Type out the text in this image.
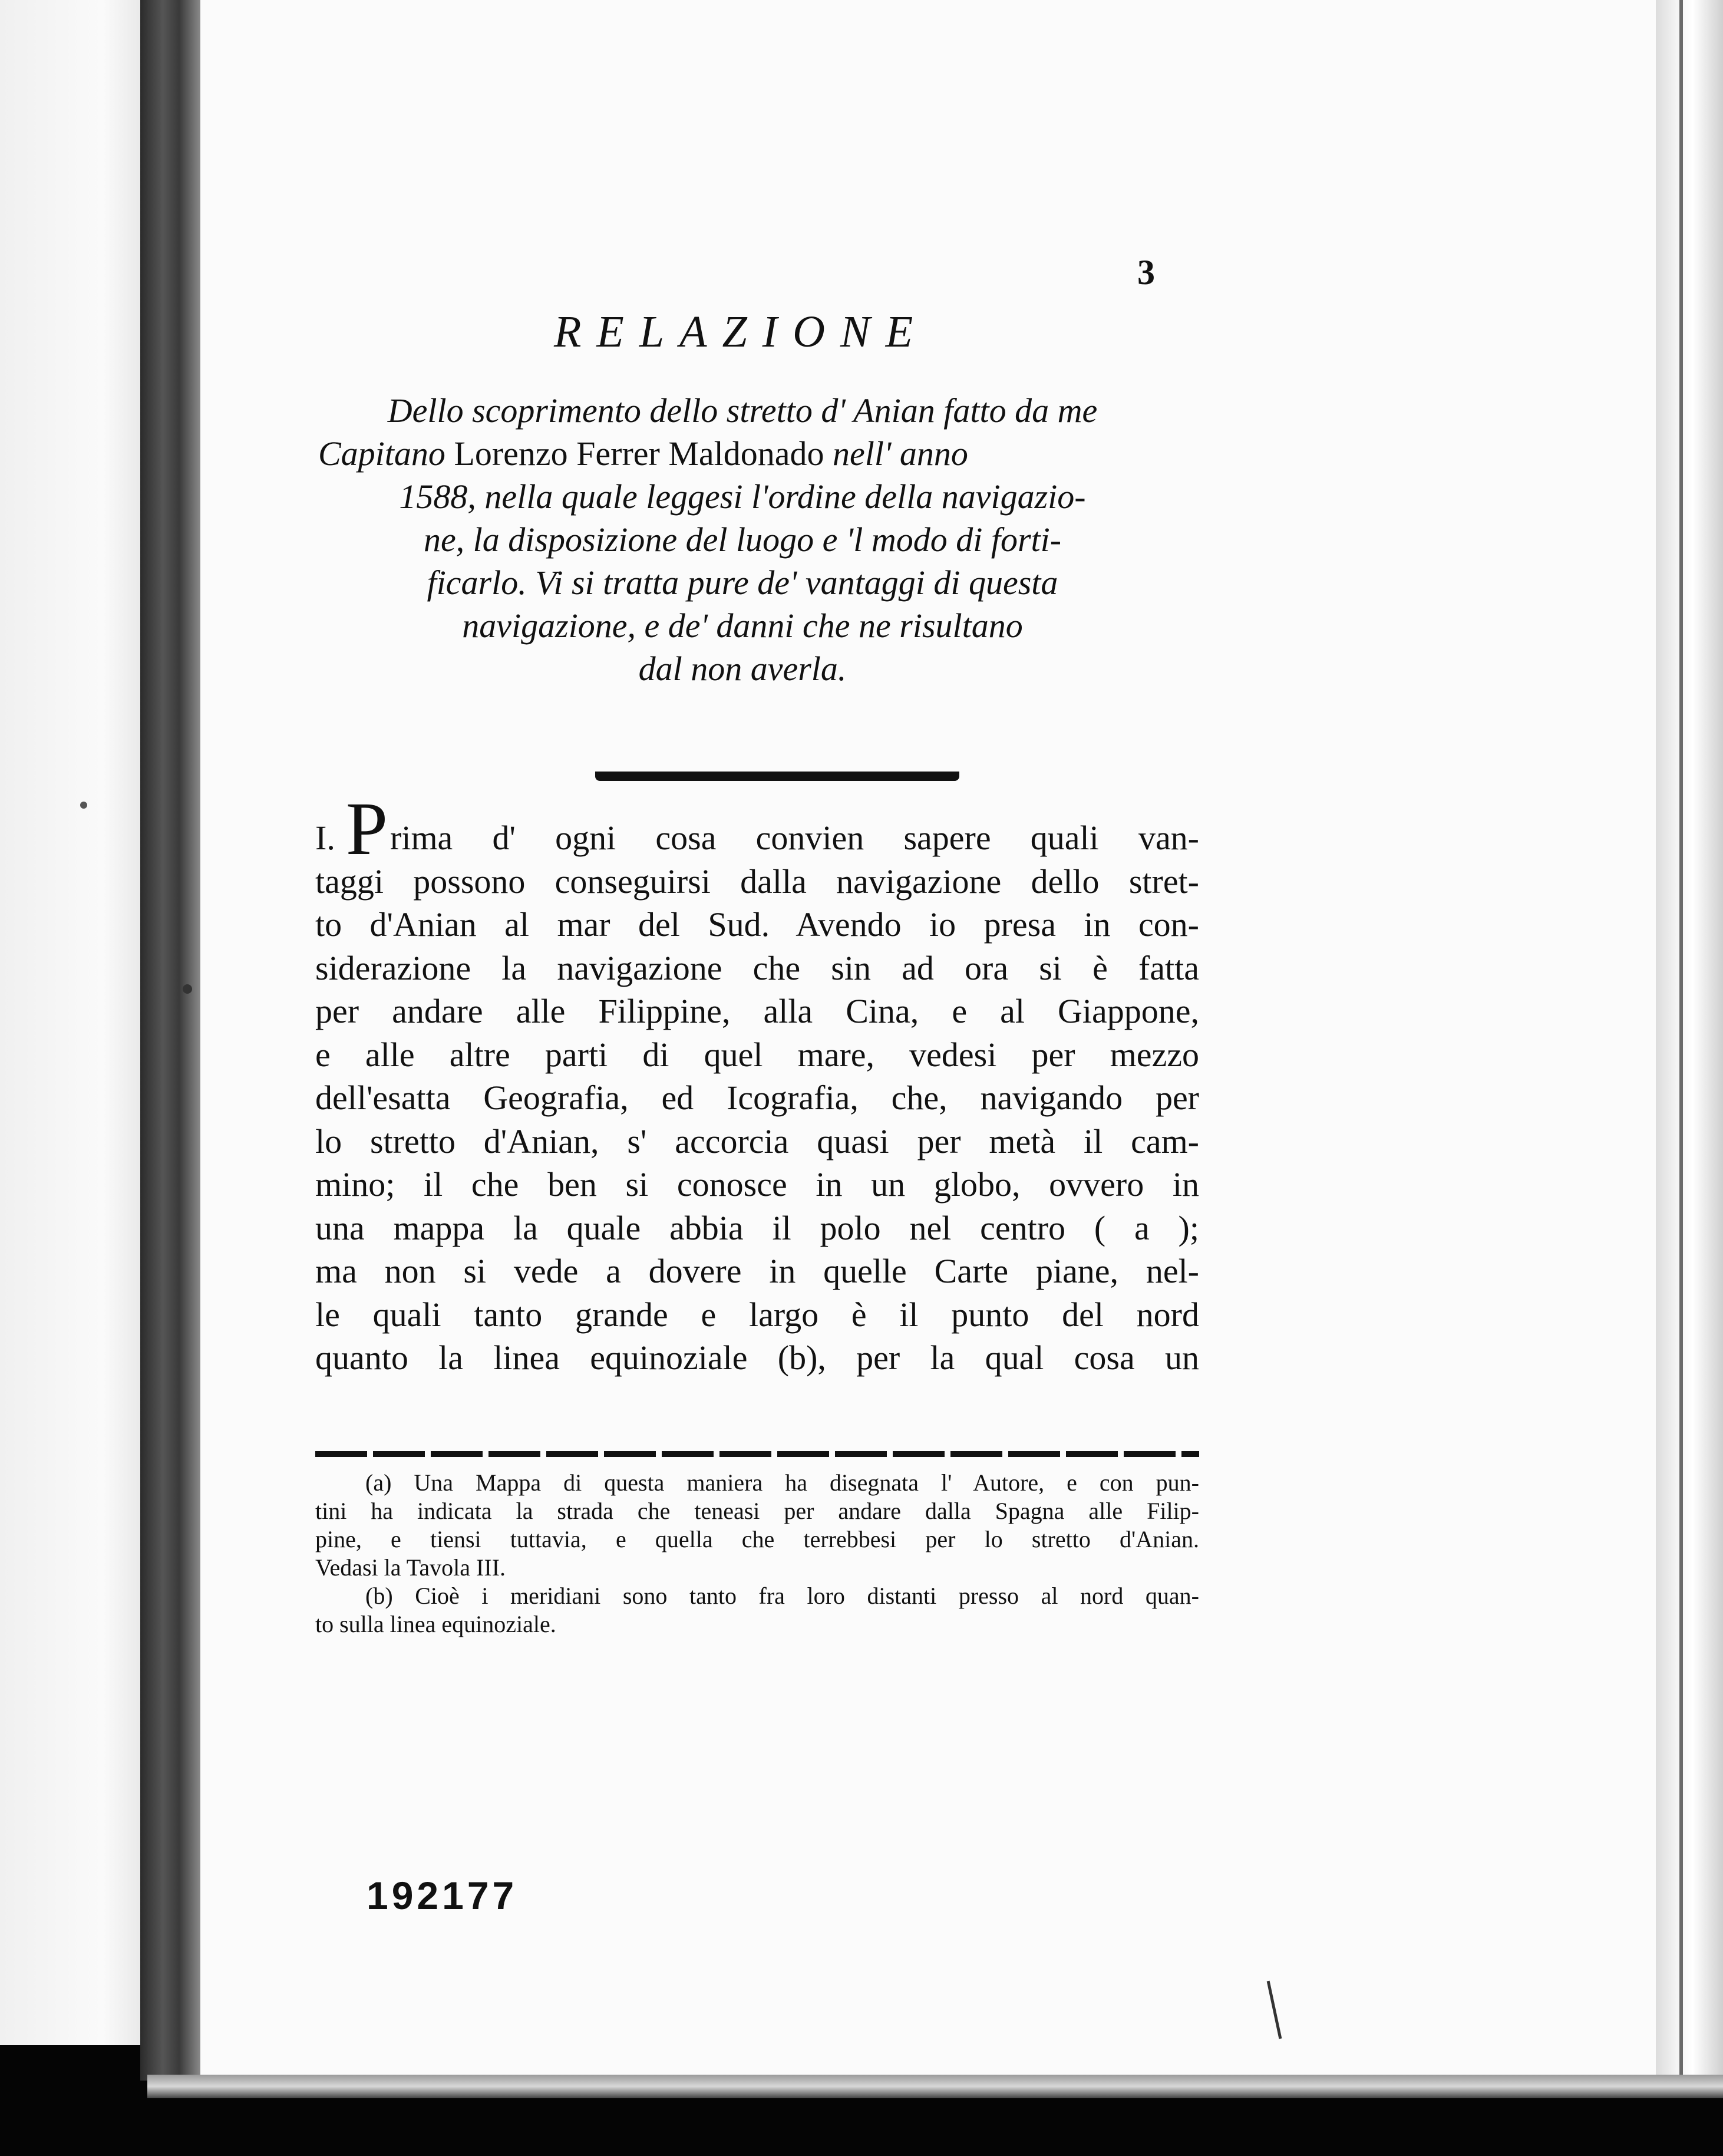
3
RELAZIONE
Dello scoprimento dello stretto d' Anian fatto da me
Capitano Lorenzo Ferrer Maldonado nell' anno
1588, nella quale leggesi l'ordine della navigazio-
ne, la disposizione del luogo e 'l modo di forti-
ficarlo. Vi si tratta pure de' vantaggi di questa
navigazione, e de' danni che ne risultano
dal non averla.
I. Prima d' ogni cosa convien sapere quali van-
taggi possono conseguirsi dalla navigazione dello stret-
to d'Anian al mar del Sud. Avendo io presa in con-
siderazione la navigazione che sin ad ora si è fatta
per andare alle Filippine, alla Cina, e al Giappone,
e alle altre parti di quel mare, vedesi per mezzo
dell'esatta Geografia, ed Icografia, che, navigando per
lo stretto d'Anian, s' accorcia quasi per metà il cam-
mino; il che ben si conosce in un globo, ovvero in
una mappa la quale abbia il polo nel centro ( a );
ma non si vede a dovere in quelle Carte piane, nel-
le quali tanto grande e largo è il punto del nord
quanto la linea equinoziale (b), per la qual cosa un
(a) Una Mappa di questa maniera ha disegnata l' Autore, e con pun-
tini ha indicata la strada che teneasi per andare dalla Spagna alle Filip-
pine, e tiensi tuttavia, e quella che terrebbesi per lo stretto d'Anian.
Vedasi la Tavola III.
(b) Cioè i meridiani sono tanto fra loro distanti presso al nord quan-
to sulla linea equinoziale.
192177
